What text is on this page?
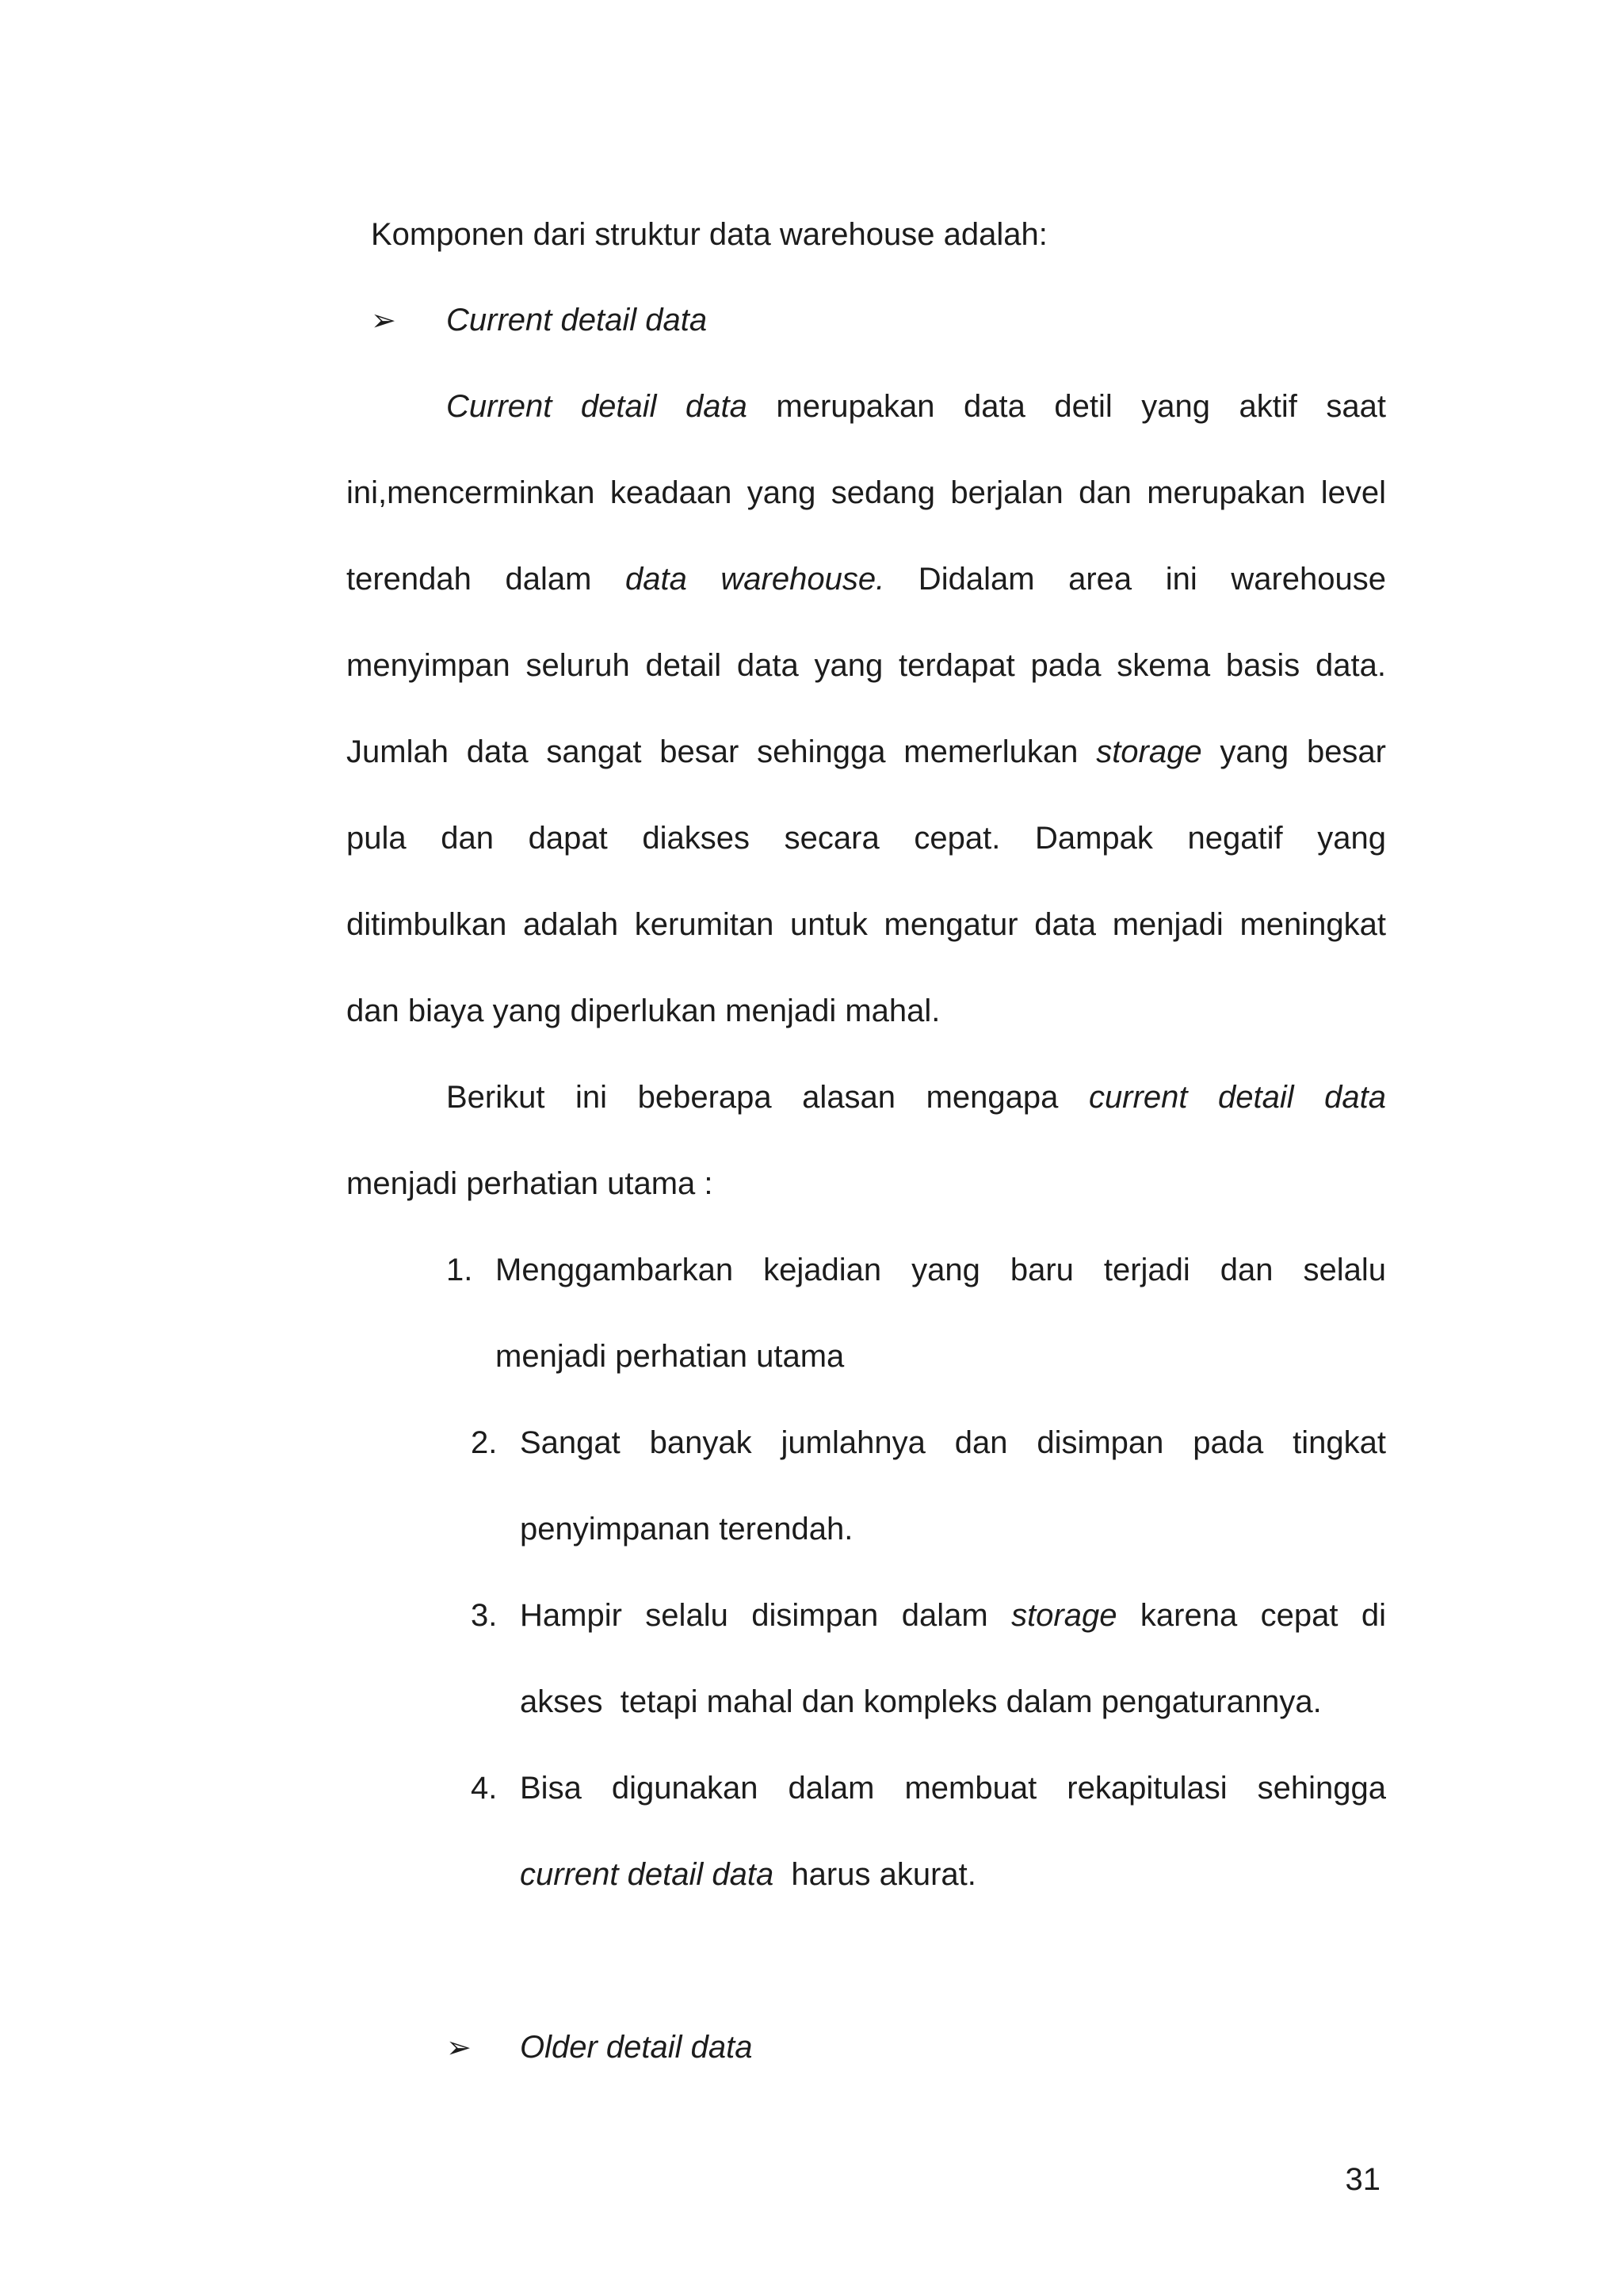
Komponen dari struktur data warehouse adalah:
➢ Current detail data
Current detail data merupakan data detil yang aktif saat
ini,mencerminkan keadaan yang sedang berjalan dan merupakan level
terendah dalam data warehouse. Didalam area ini warehouse
menyimpan seluruh detail data yang terdapat pada skema basis data.
Jumlah data sangat besar sehingga memerlukan storage yang besar
pula dan dapat diakses secara cepat. Dampak negatif yang
ditimbulkan adalah kerumitan untuk mengatur data menjadi meningkat
dan biaya yang diperlukan menjadi mahal.
Berikut ini beberapa alasan mengapa current detail data
menjadi perhatian utama :
1. Menggambarkan kejadian yang baru terjadi dan selalu
menjadi perhatian utama
2. Sangat banyak jumlahnya dan disimpan pada tingkat
penyimpanan terendah.
3. Hampir selalu disimpan dalam storage karena cepat di
akses  tetapi mahal dan kompleks dalam pengaturannya.
4. Bisa digunakan dalam membuat rekapitulasi sehingga
current detail data  harus akurat.
➢ Older detail data
31
